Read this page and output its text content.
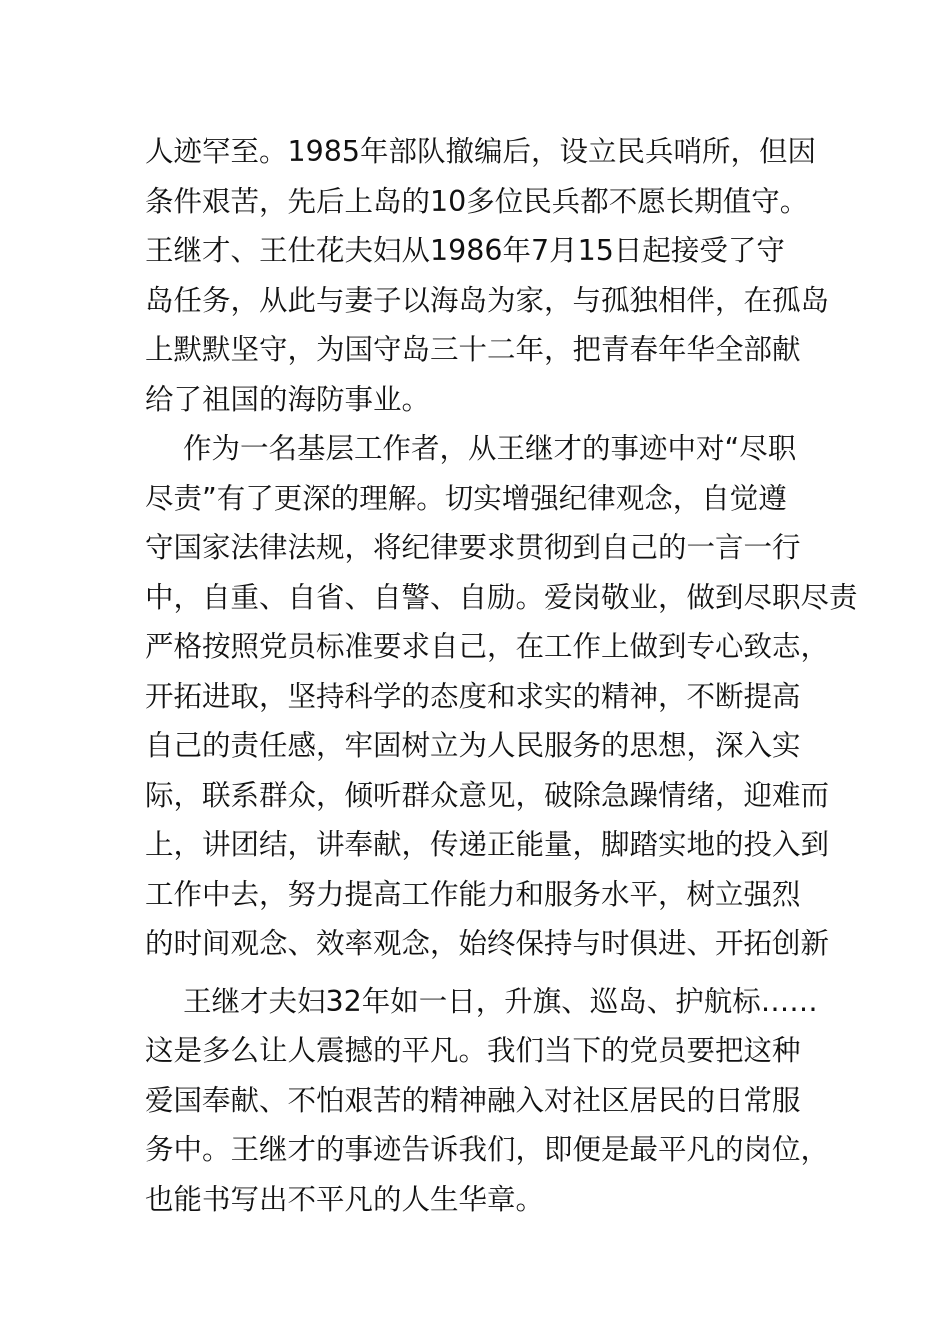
人迹罕至。1985年部队撤编后，设立民兵哨所，但因
条件艰苦，先后上岛的10多位民兵都不愿长期值守。
王继才、王仕花夫妇从1986年7月15日起接受了守
岛任务，从此与妻子以海岛为家，与孤独相伴，在孤岛
上默默坚守，为国守岛三十二年，把青春年华全部献
给了祖国的海防事业。
作为一名基层工作者，从王继才的事迹中对“尽职
尽责”有了更深的理解。切实增强纪律观念，自觉遵
守国家法律法规，将纪律要求贯彻到自己的一言一行
中，自重、自省、自警、自励。爱岗敬业，做到尽职尽责
严格按照党员标准要求自己，在工作上做到专心致志，
开拓进取，坚持科学的态度和求实的精神，不断提高
自己的责任感，牢固树立为人民服务的思想，深入实
际，联系群众，倾听群众意见，破除急躁情绪，迎难而
上，讲团结，讲奉献，传递正能量，脚踏实地的投入到
工作中去，努力提高工作能力和服务水平，树立强烈
的时间观念、效率观念，始终保持与时俱进、开拓创新
王继才夫妇32年如一日，升旗、巡岛、护航标……
这是多么让人震撼的平凡。我们当下的党员要把这种
爱国奉献、不怕艰苦的精神融入对社区居民的日常服
务中。王继才的事迹告诉我们，即便是最平凡的岗位，
也能书写出不平凡的人生华章。
